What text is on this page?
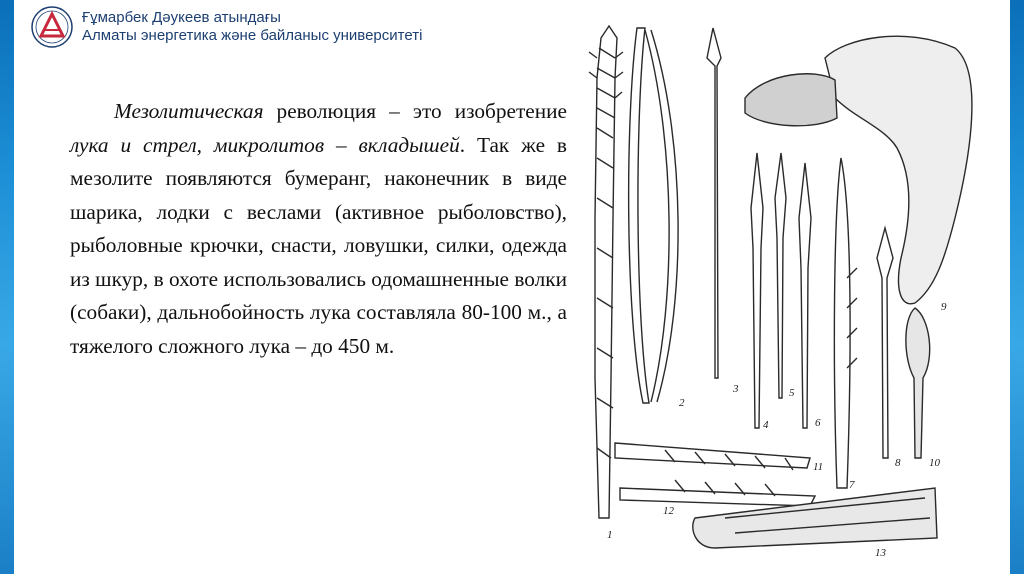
Ғұмарбек Дәукеев атындағы
Алматы энергетика және байланыс университеті
Мезолитическая революция – это изобретение лука и стрел, микролитов – вкладышей. Так же в мезолите появляются бумеранг, наконечник в виде шарика, лодки с веслами (активное рыболовство), рыболовные крючки, снасти, ловушки, силки, одежда из шкур, в охоте использовались одомашненные волки (собаки), дальнобойность лука составляла 80-100 м., а тяжелого сложного лука – до 450 м.
1
2
3
4
5
6
7
8
9
10
11
12
13
